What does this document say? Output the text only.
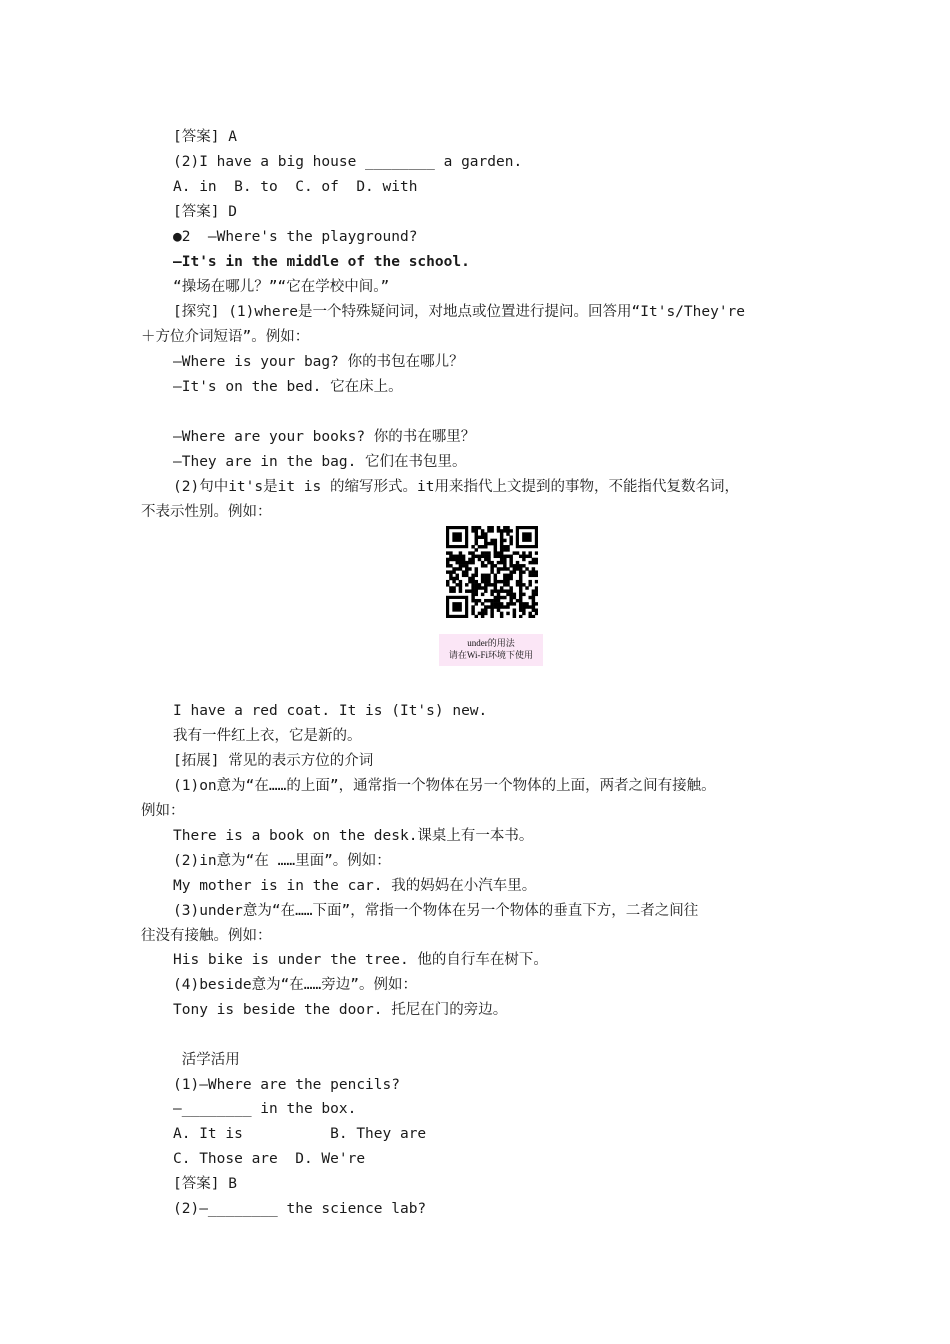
[答案] A
(2)I have a big house ________ a garden.
A. in  B. to  C. of  D. with
[答案] D
●2  —Where's the playground?
—It's in the middle of the school.
“操场在哪儿？”“它在学校中间。”
[探究] (1)where是一个特殊疑问词，对地点或位置进行提问。回答用“It's/They're
＋方位介词短语”。例如：
—Where is your bag? 你的书包在哪儿？
—It's on the bed. 它在床上。
—Where are your books? 你的书在哪里？
—They are in the bag. 它们在书包里。
(2)句中it's是it is 的缩写形式。it用来指代上文提到的事物，不能指代复数名词，
不表示性别。例如：
I have a red coat. It is (It's) new.
我有一件红上衣，它是新的。
[拓展] 常见的表示方位的介词
(1)on意为“在……的上面”，通常指一个物体在另一个物体的上面，两者之间有接触。
例如：
There is a book on the desk.课桌上有一本书。
(2)in意为“在 ……里面”。例如：
My mother is in the car. 我的妈妈在小汽车里。
(3)under意为“在……下面”，常指一个物体在另一个物体的垂直下方，二者之间往
往没有接触。例如：
His bike is under the tree. 他的自行车在树下。
(4)beside意为“在……旁边”。例如：
Tony is beside the door. 托尼在门的旁边。
活学活用
(1)—Where are the pencils?
—________ in the box.
A. It is          B. They are
C. Those are  D. We're
[答案] B
(2)—________ the science lab?
under的用法
请在Wi-Fi环境下使用
